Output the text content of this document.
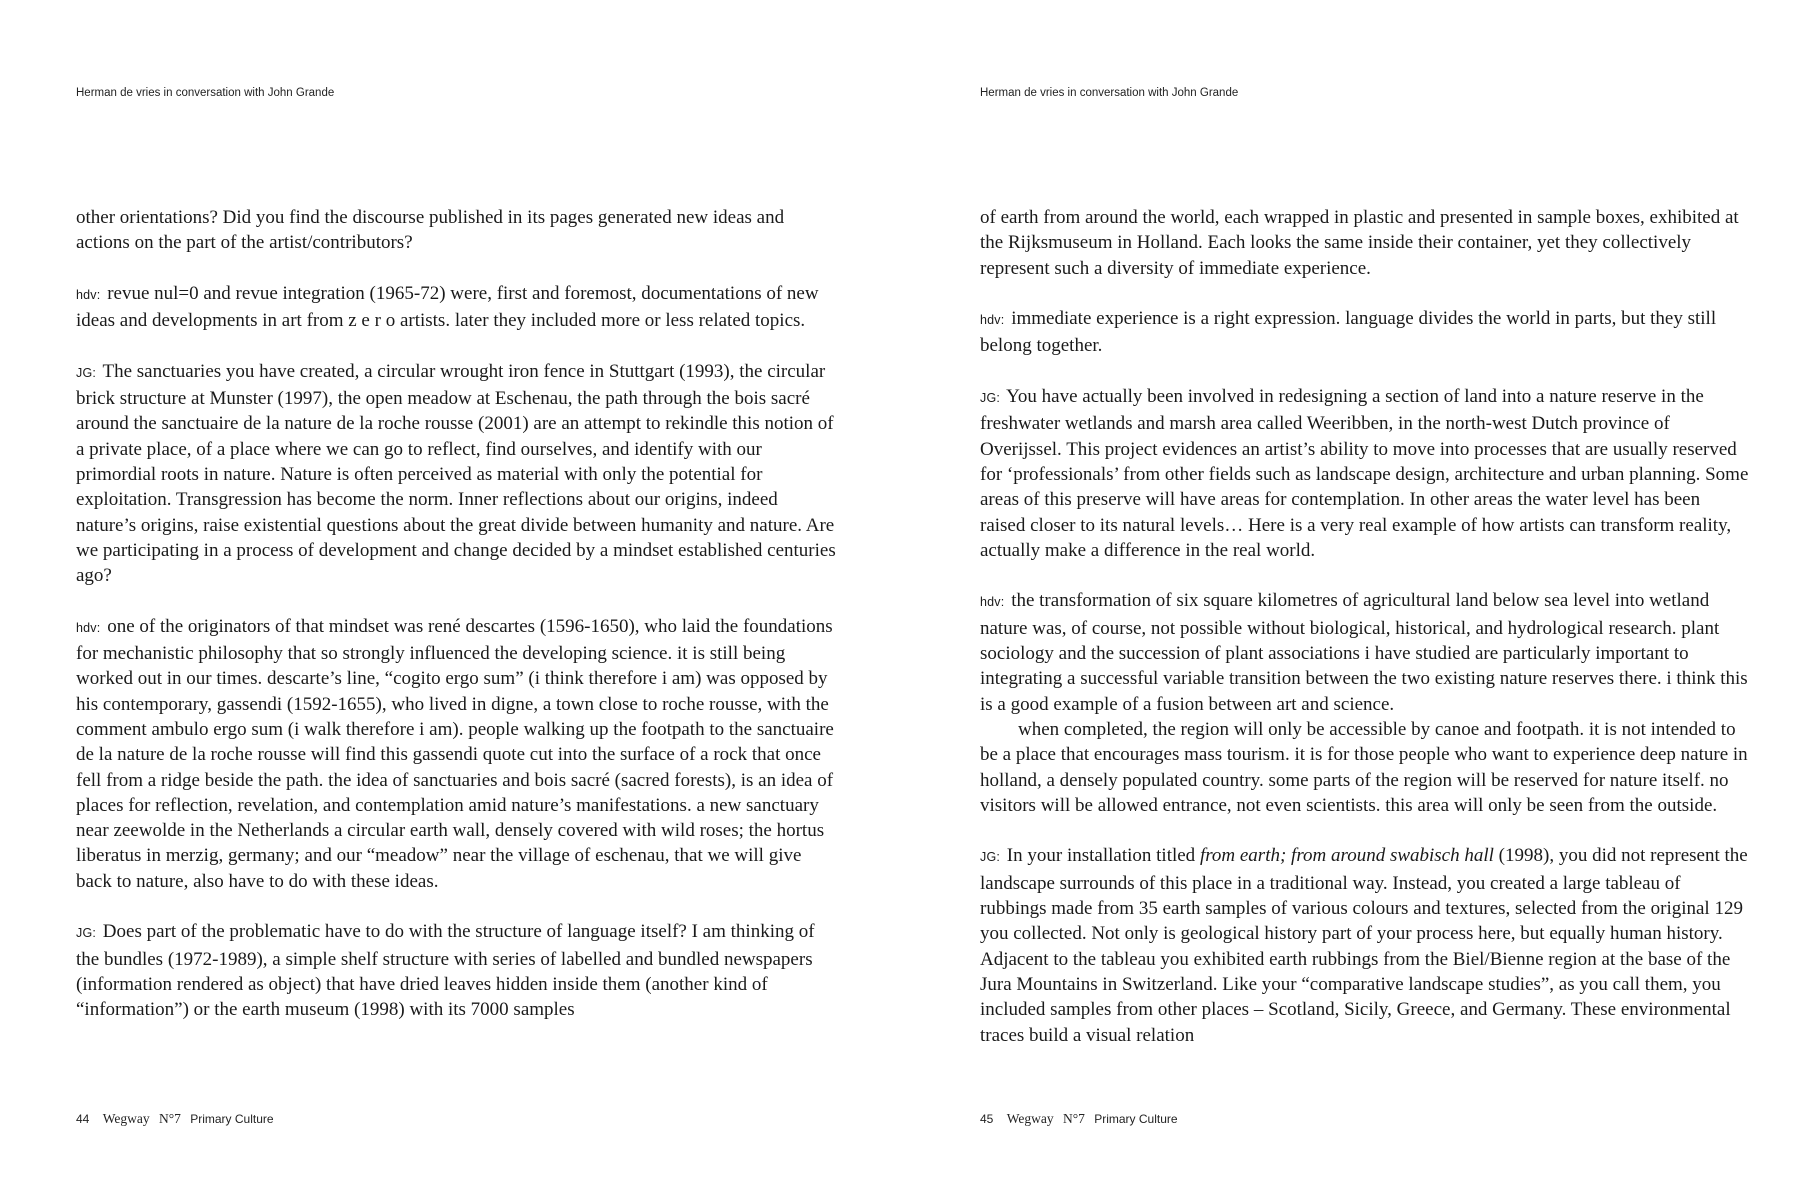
Herman de vries in conversation with John Grande

other orientations? Did you find the discourse published in its pages generated new ideas and actions on the part of the artist/contributors?

hdv: revue nul=0 and revue integration (1965-72) were, first and foremost, documentations of new ideas and developments in art from z e r o artists. later they included more or less related topics.

JG: The sanctuaries you have created, a circular wrought iron fence in Stuttgart (1993), the circular brick structure at Munster (1997), the open meadow at Eschenau, the path through the bois sacré around the sanctuaire de la nature de la roche rousse (2001) are an attempt to rekindle this notion of a private place, of a place where we can go to reflect, find ourselves, and identify with our primordial roots in nature. Nature is often perceived as material with only the potential for exploitation. Transgression has become the norm. Inner reflections about our origins, indeed nature’s origins, raise existential questions about the great divide between humanity and nature. Are we participating in a process of development and change decided by a mindset established centuries ago?

hdv: one of the originators of that mindset was rené descartes (1596-1650), who laid the foundations for mechanistic philosophy that so strongly influenced the developing science. it is still being worked out in our times. descarte’s line, “cogito ergo sum” (i think therefore i am) was opposed by his contemporary, gassendi (1592-1655), who lived in digne, a town close to roche rousse, with the comment ambulo ergo sum (i walk therefore i am). people walking up the footpath to the sanctuaire de la nature de la roche rousse will find this gassendi quote cut into the surface of a rock that once fell from a ridge beside the path. the idea of sanctuaries and bois sacré (sacred forests), is an idea of places for reflection, revelation, and contemplation amid nature’s manifestations. a new sanctuary near zeewolde in the Netherlands a circular earth wall, densely covered with wild roses; the hortus liberatus in merzig, germany; and our “meadow” near the village of eschenau, that we will give back to nature, also have to do with these ideas.

JG: Does part of the problematic have to do with the structure of language itself? I am thinking of the bundles (1972-1989), a simple shelf structure with series of labelled and bundled newspapers (information rendered as object) that have dried leaves hidden inside them (another kind of “information”) or the earth museum (1998) with its 7000 samples

44 Wegway N°7 Primary Culture
Herman de vries in conversation with John Grande

of earth from around the world, each wrapped in plastic and presented in sample boxes, exhibited at the Rijksmuseum in Holland. Each looks the same inside their container, yet they collectively represent such a diversity of immediate experience.

hdv: immediate experience is a right expression. language divides the world in parts, but they still belong together.

JG: You have actually been involved in redesigning a section of land into a nature reserve in the freshwater wetlands and marsh area called Weeribben, in the north-west Dutch province of Overijssel. This project evidences an artist’s ability to move into processes that are usually reserved for ‘professionals’ from other fields such as landscape design, architecture and urban planning. Some areas of this preserve will have areas for contemplation. In other areas the water level has been raised closer to its natural levels… Here is a very real example of how artists can transform reality, actually make a difference in the real world.

hdv: the transformation of six square kilometres of agricultural land below sea level into wetland nature was, of course, not possible without biological, historical, and hydrological research. plant sociology and the succession of plant associations i have studied are particularly important to integrating a successful variable transition between the two existing nature reserves there. i think this is a good example of a fusion between art and science.

when completed, the region will only be accessible by canoe and footpath. it is not intended to be a place that encourages mass tourism. it is for those people who want to experience deep nature in holland, a densely populated country. some parts of the region will be reserved for nature itself. no visitors will be allowed entrance, not even scientists. this area will only be seen from the outside.

JG: In your installation titled from earth; from around swabisch hall (1998), you did not represent the landscape surrounds of this place in a traditional way. Instead, you created a large tableau of rubbings made from 35 earth samples of various colours and textures, selected from the original 129 you collected. Not only is geological history part of your process here, but equally human history. Adjacent to the tableau you exhibited earth rubbings from the Biel/Bienne region at the base of the Jura Mountains in Switzerland. Like your “comparative landscape studies”, as you call them, you included samples from other places – Scotland, Sicily, Greece, and Germany. These environmental traces build a visual relation

45 Wegway N°7 Primary Culture
